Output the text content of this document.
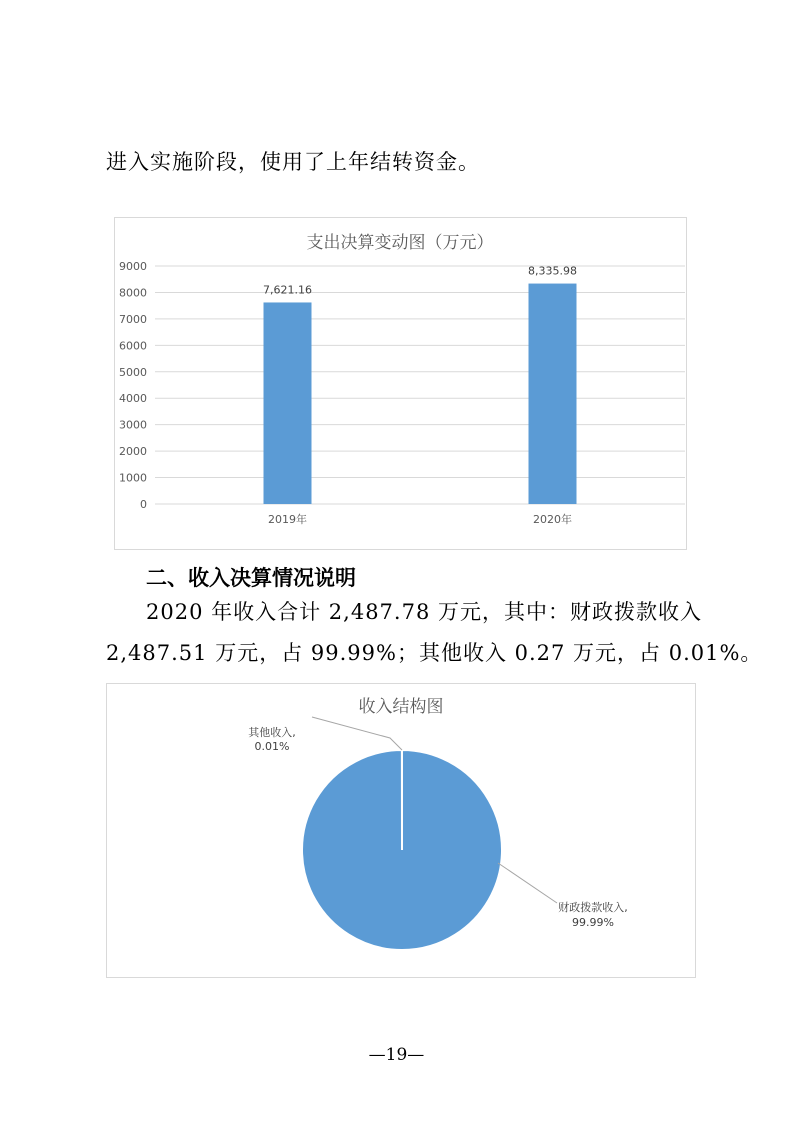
进入实施阶段，使用了上年结转资金。
支出决算变动图（万元）
0
1000
2000
3000
4000
5000
6000
7000
8000
9000
7,621.16
2019年
8,335.98
2020年
二、收入决算情况说明
2020 年收入合计 2,487.78 万元，其中：财政拨款收入
2,487.51 万元，占 99.99%；其他收入 0.27 万元，占 0.01%。
收入结构图
其他收入,
0.01%
财政拨款收入,
99.99%
—19—
